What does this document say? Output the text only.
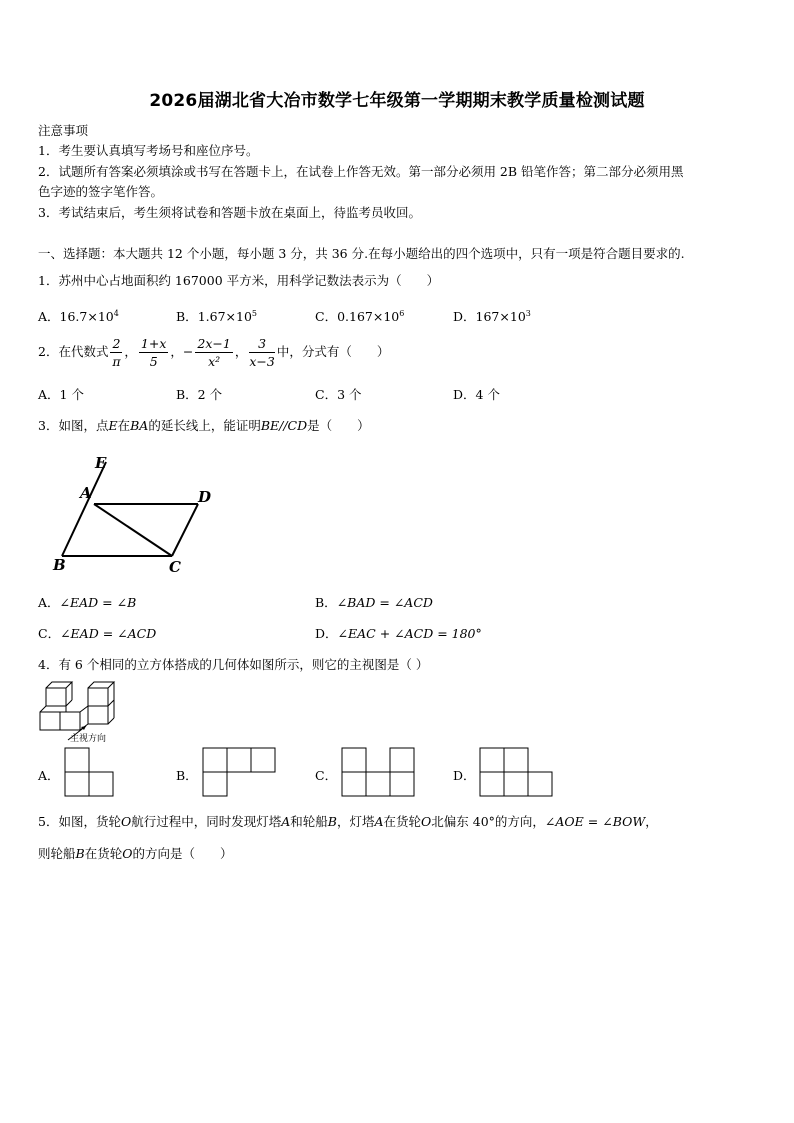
2026届湖北省大冶市数学七年级第一学期期末教学质量检测试题
注意事项
1．考生要认真填写考场号和座位序号。
2．试题所有答案必须填涂或书写在答题卡上，在试卷上作答无效。第一部分必须用 2B 铅笔作答；第二部分必须用黑
色字迹的签字笔作答。
3．考试结束后，考生须将试卷和答题卡放在桌面上，待监考员收回。
一、选择题：本大题共 12 个小题，每小题 3 分，共 36 分.在每小题给出的四个选项中，只有一项是符合题目要求的.
1．苏州中心占地面积约 167000 平方米，用科学记数法表示为（　　）
A．$16.7\times 10^4$	B．$1.67\times 10^5$	C．$0.167\times 10^6$	D．$167\times 10^3$
2．在代数式 $\frac{2}{\pi}$ ， $\frac{1+x}{5}$ ，− $\frac{2x-1}{\text{x²}}$ ， $\frac{3}{x-3}$ 中，分式有（　　）
A．1 个	B．2 个	C．3 个	D．4 个
3．如图，点E在BA的延长线上，能证明BE//CD是（　　）
E
A	D
B	C
A．∠EAD = ∠B	B．∠BAD = ∠ACD
C．∠EAD = ∠ACD	D．∠EAC + ∠ACD = 180°
4．有 6 个相同的立方体搭成的几何体如图所示，则它的主视图是（ ）
主视方向
A．	B．	C．	D．
5．如图，货轮O航行过程中，同时发现灯塔A和轮船B，灯塔A在货轮O北偏东 40°的方向，∠AOE = ∠BOW，
则轮船B在货轮O的方向是（　　）
